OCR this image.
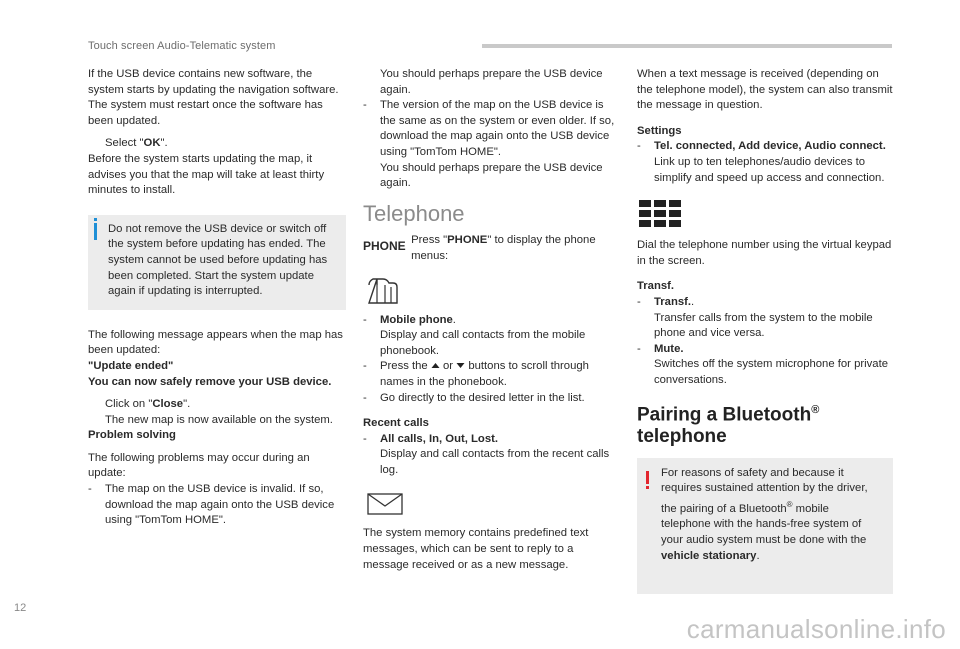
Touch screen Audio-Telematic system

If the USB device contains new software, the system starts by updating the navigation software. The system must restart once the software has been updated.

Select "OK".

Before the system starts updating the map, it advises you that the map will take at least thirty minutes to install.

Do not remove the USB device or switch off the system before updating has ended. The system cannot be used before updating has been completed. Start the system update again if updating is interrupted.

The following message appears when the map has been updated:

"Update ended"

You can now safely remove your USB device.

Click on "Close".
The new map is now available on the system.

Problem solving

The following problems may occur during an update:

- The map on the USB device is invalid. If so, download the map again onto the USB device using "TomTom HOME".
You should perhaps prepare the USB device again.
- The version of the map on the USB device is the same as on the system or even older. If so, download the map again onto the USB device using "TomTom HOME".
You should perhaps prepare the USB device again.
Telephone
PHONE Press "PHONE" to display the phone menus:
- Mobile phone.
Display and call contacts from the mobile phonebook.
- Press the or buttons to scroll through names in the phonebook.
- Go directly to the desired letter in the list.
Recent calls
- All calls, In, Out, Lost.
Display and call contacts from the recent calls log.
The system memory contains predefined text messages, which can be sent to reply to a message received or as a new message.

When a text message is received (depending on the telephone model), the system can also transmit the message in question.

Settings
- Tel. connected, Add device, Audio connect.
Link up to ten telephones/audio devices to simplify and speed up access and connection.

Dial the telephone number using the virtual keypad in the screen.

Transf.
- Transf..
Transfer calls from the system to the mobile phone and vice versa.
- Mute.
Switches off the system microphone for private conversations.
Pairing a Bluetooth®
telephone
For reasons of safety and because it requires sustained attention by the driver, the pairing of a Bluetooth® mobile telephone with the hands-free system of your audio system must be done with the vehicle stationary.
12
carmanualsonline.info
